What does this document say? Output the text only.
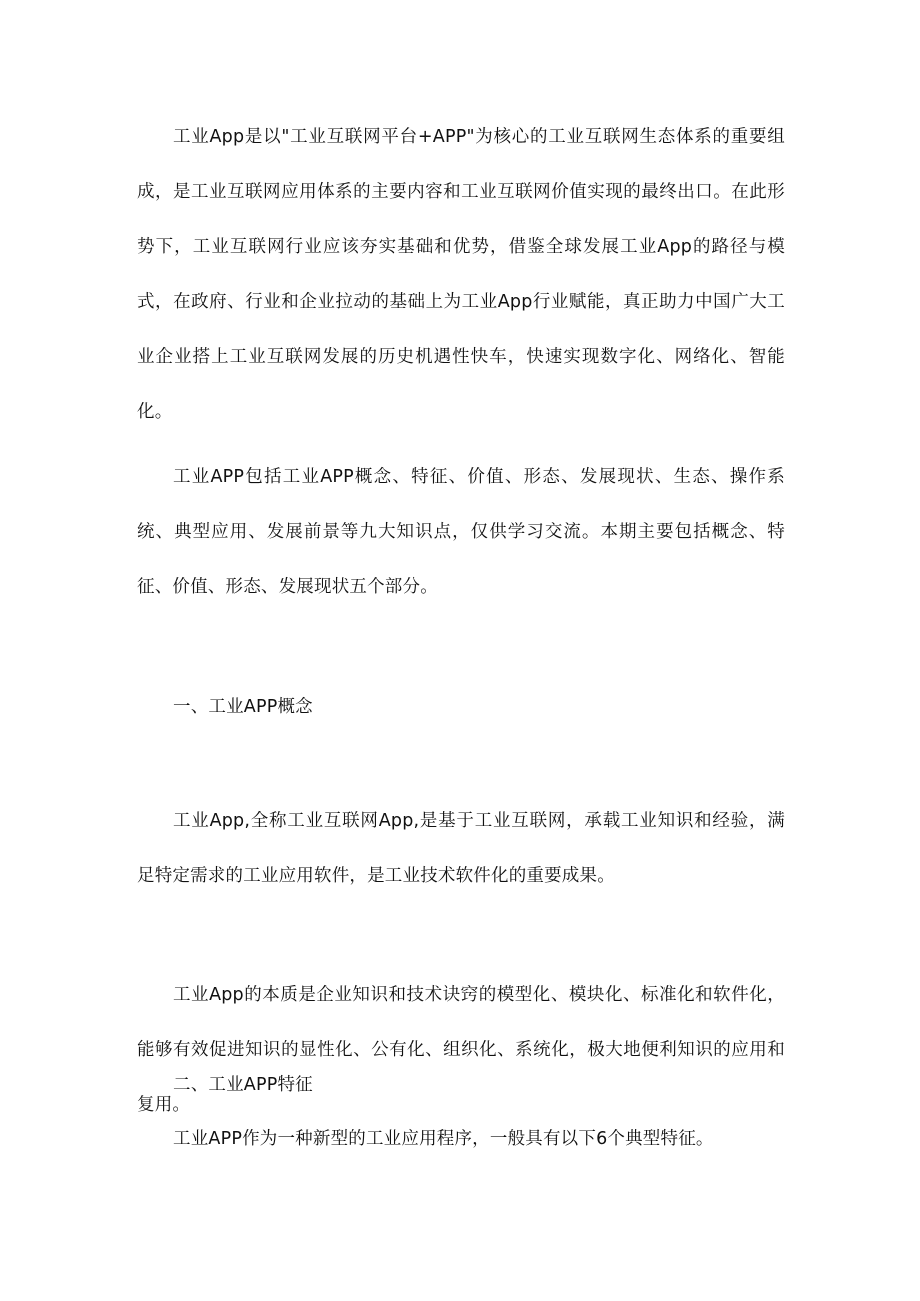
工业App是以"工业互联网平台+APP"为核心的工业互联网生态体系的重要组成，是工业互联网应用体系的主要内容和工业互联网价值实现的最终出口。在此形势下，工业互联网行业应该夯实基础和优势，借鉴全球发展工业App的路径与模式，在政府、行业和企业拉动的基础上为工业App行业赋能，真正助力中国广大工业企业搭上工业互联网发展的历史机遇性快车，快速实现数字化、网络化、智能化。

工业APP包括工业APP概念、特征、价值、形态、发展现状、生态、操作系统、典型应用、发展前景等九大知识点，仅供学习交流。本期主要包括概念、特征、价值、形态、发展现状五个部分。

一、工业APP概念

工业App,全称工业互联网App,是基于工业互联网，承载工业知识和经验，满足特定需求的工业应用软件，是工业技术软件化的重要成果。

工业App的本质是企业知识和技术诀窍的模型化、模块化、标准化和软件化，能够有效促进知识的显性化、公有化、组织化、系统化，极大地便利知识的应用和复用。

二、工业APP特征

工业APP作为一种新型的工业应用程序，一般具有以下6个典型特征。
